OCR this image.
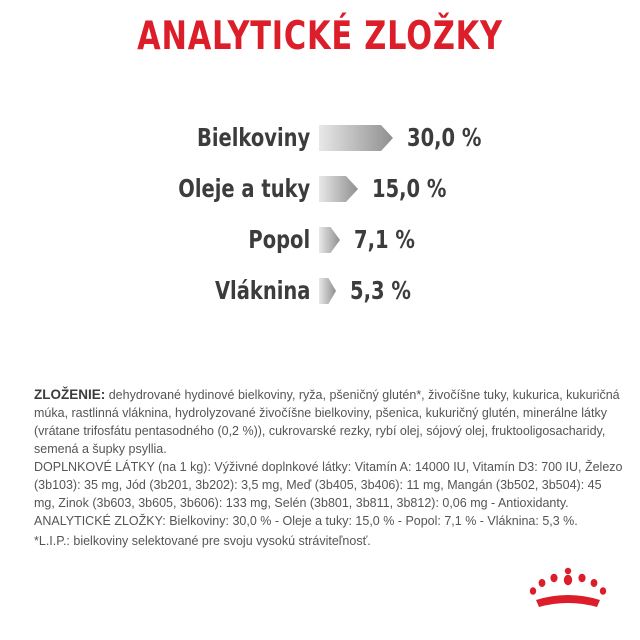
ANALYTICKÉ ZLOŽKY
Bielkoviny	30,0 %
Oleje a tuky 15,0 %
Popol 7,1 %
Vláknina 5,3 %

ZLOŽENIE: dehydrované hydinové bielkoviny, ryža, pšeničný glutén*, živočíšne tuky, kukurica, kukuričná múka, rastlinná vláknina, hydrolyzované živočíšne bielkoviny, pšenica, kukuričný glutén, minerálne látky (vrátane trifosfátu pentasodného (0,2 %)), cukrovarské rezky, rybí olej, sójový olej, fruktooligosacharidy, semená a šupky psyllia.

DOPLNKOVÉ LÁTKY (na 1 kg): Výživné doplnkové látky: Vitamín A: 14000 IU, Vitamín D3: 700 IU, Železo (3b103): 35 mg, Jód (3b201, 3b202): 3,5 mg, Meď (3b405, 3b406): 11 mg, Mangán (3b502, 3b504): 45 mg, Zinok (3b603, 3b605, 3b606): 133 mg, Selén (3b801, 3b811, 3b812): 0,06 mg - Antioxidanty.

ANALYTICKÉ ZLOŽKY: Bielkoviny: 30,0 % - Oleje a tuky: 15,0 % - Popol: 7,1 % - Vláknina: 5,3 %.

*L.I.P.: bielkoviny selektované pre svoju vysokú stráviteľnosť.
